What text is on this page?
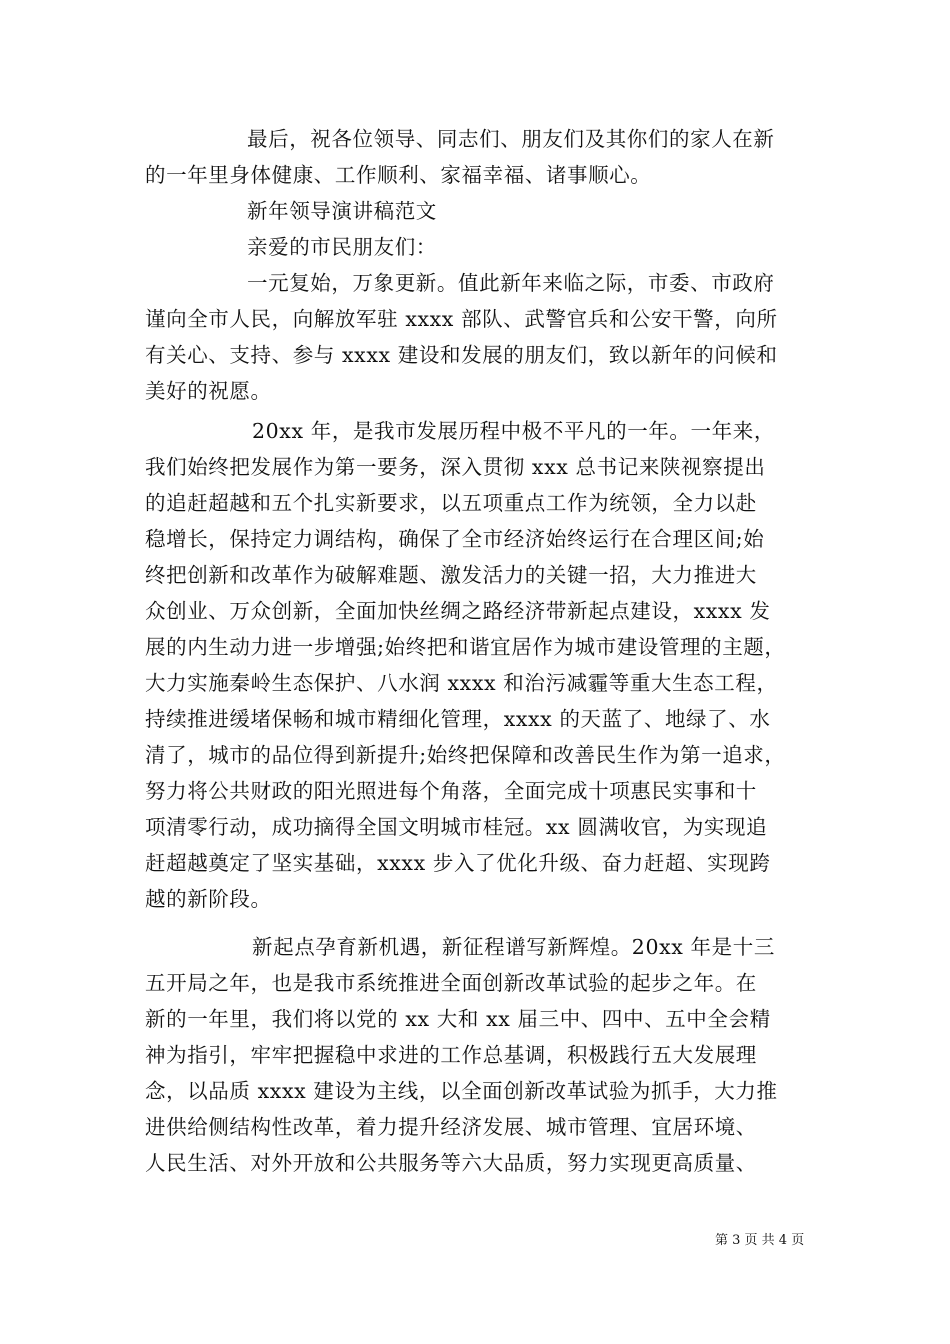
最后，祝各位领导、同志们、朋友们及其你们的家人在新
的一年里身体健康、工作顺利、家福幸福、诸事顺心。
新年领导演讲稿范文
亲爱的市民朋友们：
一元复始，万象更新。值此新年来临之际，市委、市政府
谨向全市人民，向解放军驻 xxxx 部队、武警官兵和公安干警，向所
有关心、支持、参与 xxxx 建设和发展的朋友们，致以新年的问候和
美好的祝愿。
20xx 年，是我市发展历程中极不平凡的一年。一年来，
我们始终把发展作为第一要务，深入贯彻 xxx 总书记来陕视察提出
的追赶超越和五个扎实新要求，以五项重点工作为统领，全力以赴
稳增长，保持定力调结构，确保了全市经济始终运行在合理区间;始
终把创新和改革作为破解难题、激发活力的关键一招，大力推进大
众创业、万众创新，全面加快丝绸之路经济带新起点建设，xxxx 发
展的内生动力进一步增强;始终把和谐宜居作为城市建设管理的主题，
大力实施秦岭生态保护、八水润 xxxx 和治污减霾等重大生态工程，
持续推进缓堵保畅和城市精细化管理，xxxx 的天蓝了、地绿了、水
清了，城市的品位得到新提升;始终把保障和改善民生作为第一追求，
努力将公共财政的阳光照进每个角落，全面完成十项惠民实事和十
项清零行动，成功摘得全国文明城市桂冠。xx 圆满收官，为实现追
赶超越奠定了坚实基础，xxxx 步入了优化升级、奋力赶超、实现跨
越的新阶段。
新起点孕育新机遇，新征程谱写新辉煌。20xx 年是十三
五开局之年，也是我市系统推进全面创新改革试验的起步之年。在
新的一年里，我们将以党的 xx 大和 xx 届三中、四中、五中全会精
神为指引，牢牢把握稳中求进的工作总基调，积极践行五大发展理
念，以品质 xxxx 建设为主线，以全面创新改革试验为抓手，大力推
进供给侧结构性改革，着力提升经济发展、城市管理、宜居环境、
人民生活、对外开放和公共服务等六大品质，努力实现更高质量、
第 3 页 共 4 页
